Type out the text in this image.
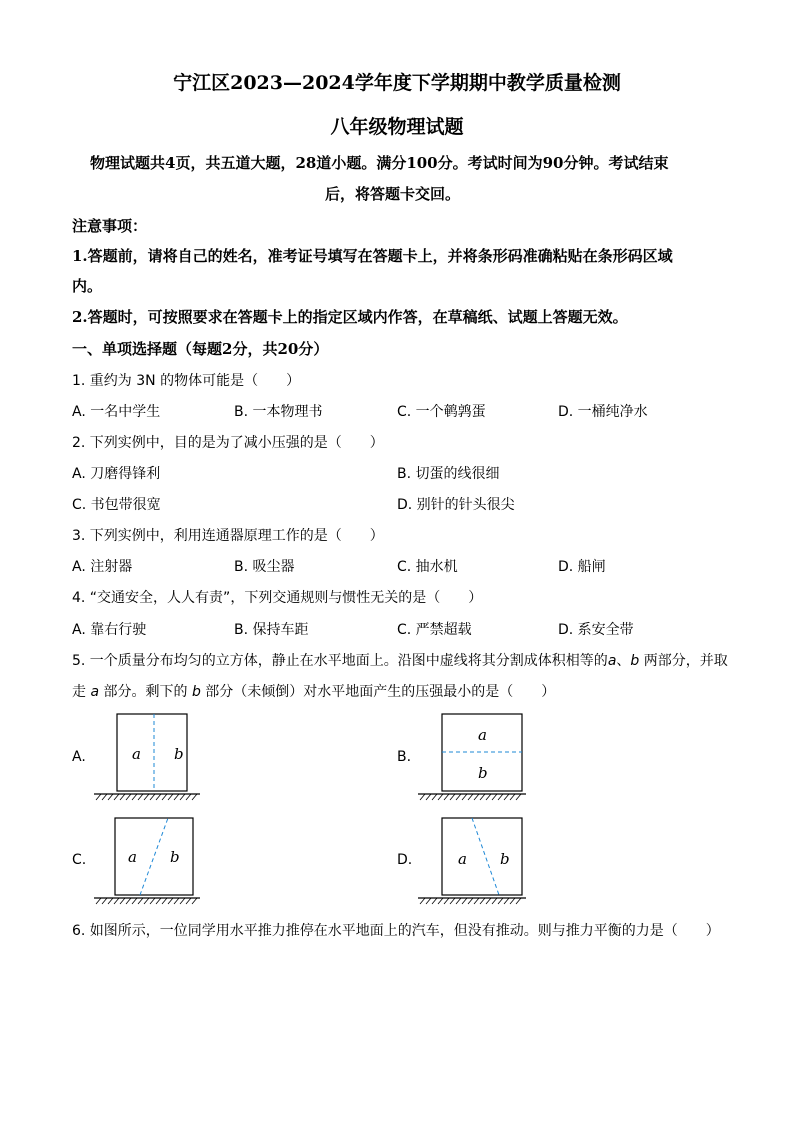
宁江区2023—2024学年度下学期期中教学质量检测
八年级物理试题
物理试题共4页，共五道大题，28道小题。满分100分。考试时间为90分钟。考试结束
后，将答题卡交回。
注意事项：
1.答题前，请将自己的姓名，准考证号填写在答题卡上，并将条形码准确粘贴在条形码区域
内。
2.答题时，可按照要求在答题卡上的指定区域内作答，在草稿纸、试题上答题无效。
一、单项选择题（每题2分，共20分）
1. 重约为 3N 的物体可能是（　　）
A. 一名中学生	B. 一本物理书	C. 一个鹌鹑蛋	D. 一桶纯净水
2. 下列实例中，目的是为了减小压强的是（　　）
A. 刀磨得锋利	B. 切蛋的线很细
C. 书包带很宽	D. 别针的针头很尖
3. 下列实例中，利用连通器原理工作的是（　　）
A. 注射器	B. 吸尘器	C. 抽水机	D. 船闸
4. “交通安全，人人有责”，下列交通规则与惯性无关的是（　　）
A. 靠右行驶	B. 保持车距	C. 严禁超载	D. 系安全带
5. 一个质量分布均匀的立方体，静止在水平地面上。沿图中虚线将其分割成体积相等的a、b 两部分，并取
走 a 部分。剩下的 b 部分（未倾倒）对水平地面产生的压强最小的是（　　）
A.	B.
C.	D.
a b
a
b
a b	a b
6. 如图所示，一位同学用水平推力推停在水平地面上的汽车，但没有推动。则与推力平衡的力是（　　）
